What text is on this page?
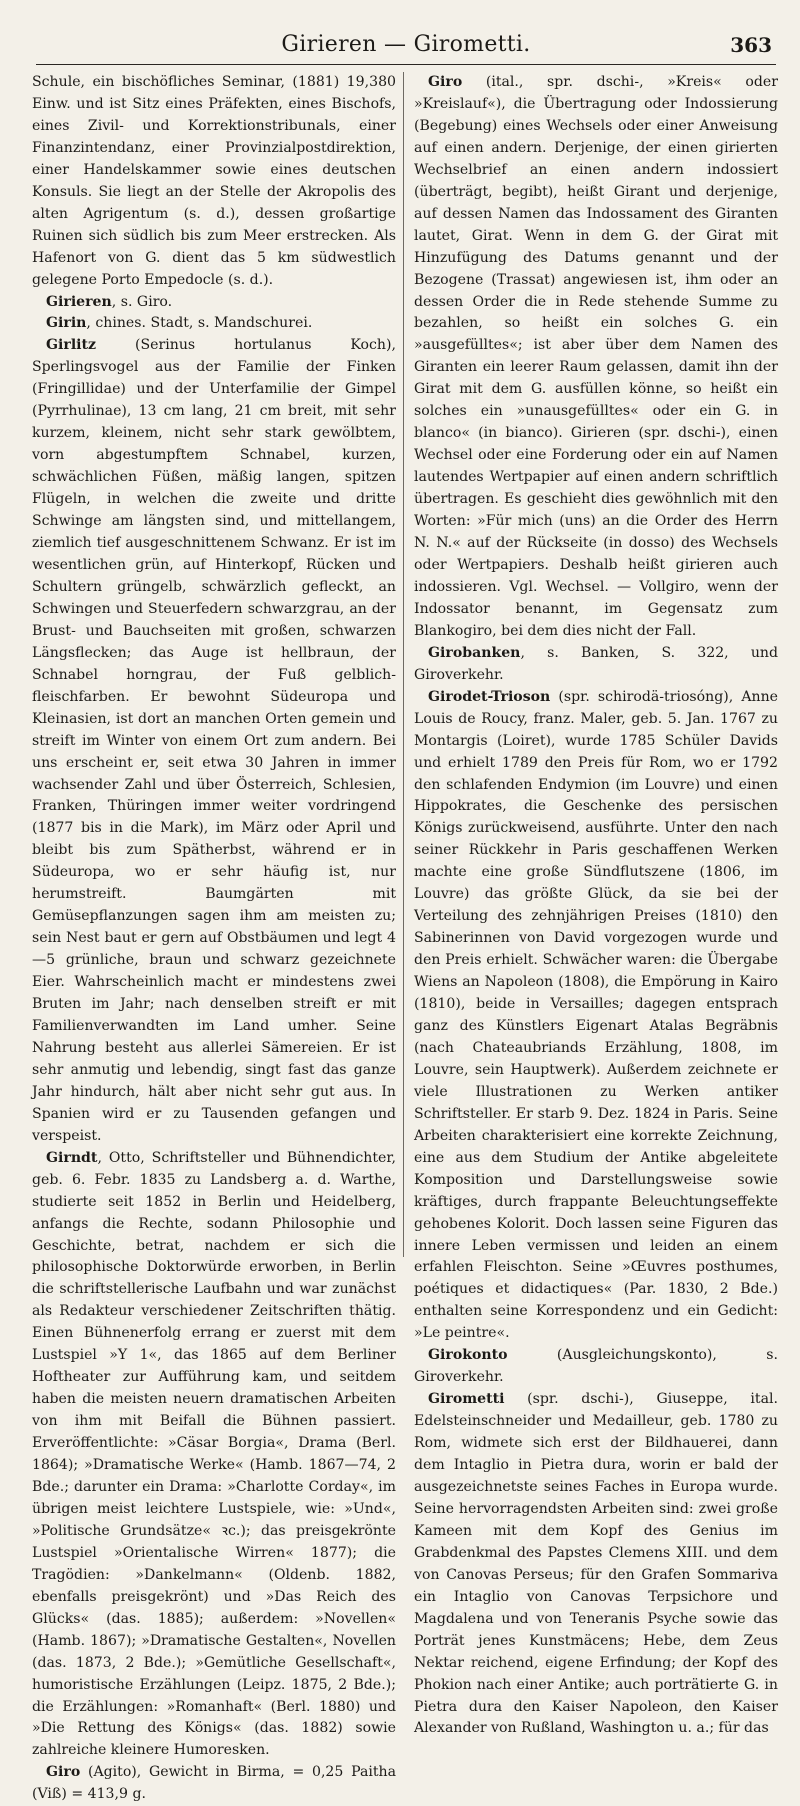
Girieren — Girometti.	363

Schule, ein bischöfliches Seminar, (1881) 19,380 Einw. und ist Sitz eines Präfekten, eines Bischofs, eines Zivil- und Korrektionstribunals, einer Finanzintendanz, einer Provinzialpostdirektion, einer Handelskammer sowie eines deutschen Konsuls. Sie liegt an der Stelle der Akropolis des alten Agrigentum (s. d.), dessen großartige Ruinen sich südlich bis zum Meer erstrecken. Als Hafenort von G. dient das 5 km südwestlich gelegene Porto Empedocle (s. d.).

Girieren, s. Giro.

Girin, chines. Stadt, s. Mandschurei.

Girlitz (Serinus hortulanus Koch), Sperlingsvogel aus der Familie der Finken (Fringillidae) und der Unterfamilie der Gimpel (Pyrrhulinae), 13 cm lang, 21 cm breit, mit sehr kurzem, kleinem, nicht sehr stark gewölbtem, vorn abgestumpftem Schnabel, kurzen, schwächlichen Füßen, mäßig langen, spitzen Flügeln, in welchen die zweite und dritte Schwinge am längsten sind, und mittellangem, ziemlich tief ausgeschnittenem Schwanz. Er ist im wesentlichen grün, auf Hinterkopf, Rücken und Schultern grüngelb, schwärzlich gefleckt, an Schwingen und Steuerfedern schwarzgrau, an der Brust- und Bauchseiten mit großen, schwarzen Längsflecken; das Auge ist hellbraun, der Schnabel horngrau, der Fuß gelblich-fleischfarben. Er bewohnt Südeuropa und Kleinasien, ist dort an manchen Orten gemein und streift im Winter von einem Ort zum andern. Bei uns erscheint er, seit etwa 30 Jahren in immer wachsender Zahl und über Österreich, Schlesien, Franken, Thüringen immer weiter vordringend (1877 bis in die Mark), im März oder April und bleibt bis zum Spätherbst, während er in Südeuropa, wo er sehr häufig ist, nur herumstreift. Baumgärten mit Gemüsepflanzungen sagen ihm am meisten zu; sein Nest baut er gern auf Obstbäumen und legt 4—5 grünliche, braun und schwarz gezeichnete Eier. Wahrscheinlich macht er mindestens zwei Bruten im Jahr; nach denselben streift er mit Familienverwandten im Land umher. Seine Nahrung besteht aus allerlei Sämereien. Er ist sehr anmutig und lebendig, singt fast das ganze Jahr hindurch, hält aber nicht sehr gut aus. In Spanien wird er zu Tausenden gefangen und verspeist.

Girndt, Otto, Schriftsteller und Bühnendichter, geb. 6. Febr. 1835 zu Landsberg a. d. Warthe, studierte seit 1852 in Berlin und Heidelberg, anfangs die Rechte, sodann Philosophie und Geschichte, betrat, nachdem er sich die philosophische Doktorwürde erworben, in Berlin die schriftstellerische Laufbahn und war zunächst als Redakteur verschiedener Zeitschriften thätig. Einen Bühnenerfolg errang er zuerst mit dem Lustspiel »Y 1«, das 1865 auf dem Berliner Hoftheater zur Aufführung kam, und seitdem haben die meisten neuern dramatischen Arbeiten von ihm mit Beifall die Bühnen passiert. Erveröffentlichte: »Cäsar Borgia«, Drama (Berl. 1864); »Dramatische Werke« (Hamb. 1867—74, 2 Bde.; darunter ein Drama: »Charlotte Corday«, im übrigen meist leichtere Lustspiele, wie: »Und«, »Politische Grundsätze« ꝛc.); das preisgekrönte Lustspiel »Orientalische Wirren« 1877); die Tragödien: »Dankelmann« (Oldenb. 1882, ebenfalls preisgekrönt) und »Das Reich des Glücks« (das. 1885); außerdem: »Novellen« (Hamb. 1867); »Dramatische Gestalten«, Novellen (das. 1873, 2 Bde.); »Gemütliche Gesellschaft«, humoristische Erzählungen (Leipz. 1875, 2 Bde.); die Erzählungen: »Romanhaft« (Berl. 1880) und »Die Rettung des Königs« (das. 1882) sowie zahlreiche kleinere Humoresken.

Giro (Agito), Gewicht in Birma, = 0,25 Paitha (Viß) = 413,9 g.

Giro (ital., spr. dschi-, »Kreis« oder »Kreislauf«), die Übertragung oder Indossierung (Begebung) eines Wechsels oder einer Anweisung auf einen andern. Derjenige, der einen girierten Wechselbrief an einen andern indossiert (überträgt, begibt), heißt Girant und derjenige, auf dessen Namen das Indossament des Giranten lautet, Girat. Wenn in dem G. der Girat mit Hinzufügung des Datums genannt und der Bezogene (Trassat) angewiesen ist, ihm oder an dessen Order die in Rede stehende Summe zu bezahlen, so heißt ein solches G. ein »ausgefülltes«; ist aber über dem Namen des Giranten ein leerer Raum gelassen, damit ihn der Girat mit dem G. ausfüllen könne, so heißt ein solches ein »unausgefülltes« oder ein G. in blanco« (in bianco). Girieren (spr. dschi-), einen Wechsel oder eine Forderung oder ein auf Namen lautendes Wertpapier auf einen andern schriftlich übertragen. Es geschieht dies gewöhnlich mit den Worten: »Für mich (uns) an die Order des Herrn N. N.« auf der Rückseite (in dosso) des Wechsels oder Wertpapiers. Deshalb heißt girieren auch indossieren. Vgl. Wechsel. — Vollgiro, wenn der Indossator benannt, im Gegensatz zum Blankogiro, bei dem dies nicht der Fall.

Girobanken, s. Banken, S. 322, und Giroverkehr.

Girodet-Trioson (spr. schirodä-triosóng), Anne Louis de Roucy, franz. Maler, geb. 5. Jan. 1767 zu Montargis (Loiret), wurde 1785 Schüler Davids und erhielt 1789 den Preis für Rom, wo er 1792 den schlafenden Endymion (im Louvre) und einen Hippokrates, die Geschenke des persischen Königs zurückweisend, ausführte. Unter den nach seiner Rückkehr in Paris geschaffenen Werken machte eine große Sündflutszene (1806, im Louvre) das größte Glück, da sie bei der Verteilung des zehnjährigen Preises (1810) den Sabinerinnen von David vorgezogen wurde und den Preis erhielt. Schwächer waren: die Übergabe Wiens an Napoleon (1808), die Empörung in Kairo (1810), beide in Versailles; dagegen entsprach ganz des Künstlers Eigenart Atalas Begräbnis (nach Chateaubriands Erzählung, 1808, im Louvre, sein Hauptwerk). Außerdem zeichnete er viele Illustrationen zu Werken antiker Schriftsteller. Er starb 9. Dez. 1824 in Paris. Seine Arbeiten charakterisiert eine korrekte Zeichnung, eine aus dem Studium der Antike abgeleitete Komposition und Darstellungsweise sowie kräftiges, durch frappante Beleuchtungseffekte gehobenes Kolorit. Doch lassen seine Figuren das innere Leben vermissen und leiden an einem erfahlen Fleischton. Seine »Œuvres posthumes, poétiques et didactiques« (Par. 1830, 2 Bde.) enthalten seine Korrespondenz und ein Gedicht: »Le peintre«.

Girokonto (Ausgleichungskonto), s. Giroverkehr.

Girometti (spr. dschi-), Giuseppe, ital. Edelsteinschneider und Medailleur, geb. 1780 zu Rom, widmete sich erst der Bildhauerei, dann dem Intaglio in Pietra dura, worin er bald der ausgezeichnetste seines Faches in Europa wurde. Seine hervorragendsten Arbeiten sind: zwei große Kameen mit dem Kopf des Genius im Grabdenkmal des Papstes Clemens XIII. und dem von Canovas Perseus; für den Grafen Sommariva ein Intaglio von Canovas Terpsichore und Magdalena und von Teneranis Psyche sowie das Porträt jenes Kunstmäcens; Hebe, dem Zeus Nektar reichend, eigene Erfindung; der Kopf des Phokion nach einer Antike; auch porträtierte G. in Pietra dura den Kaiser Napoleon, den Kaiser Alexander von Rußland, Washington u. a.; für das
